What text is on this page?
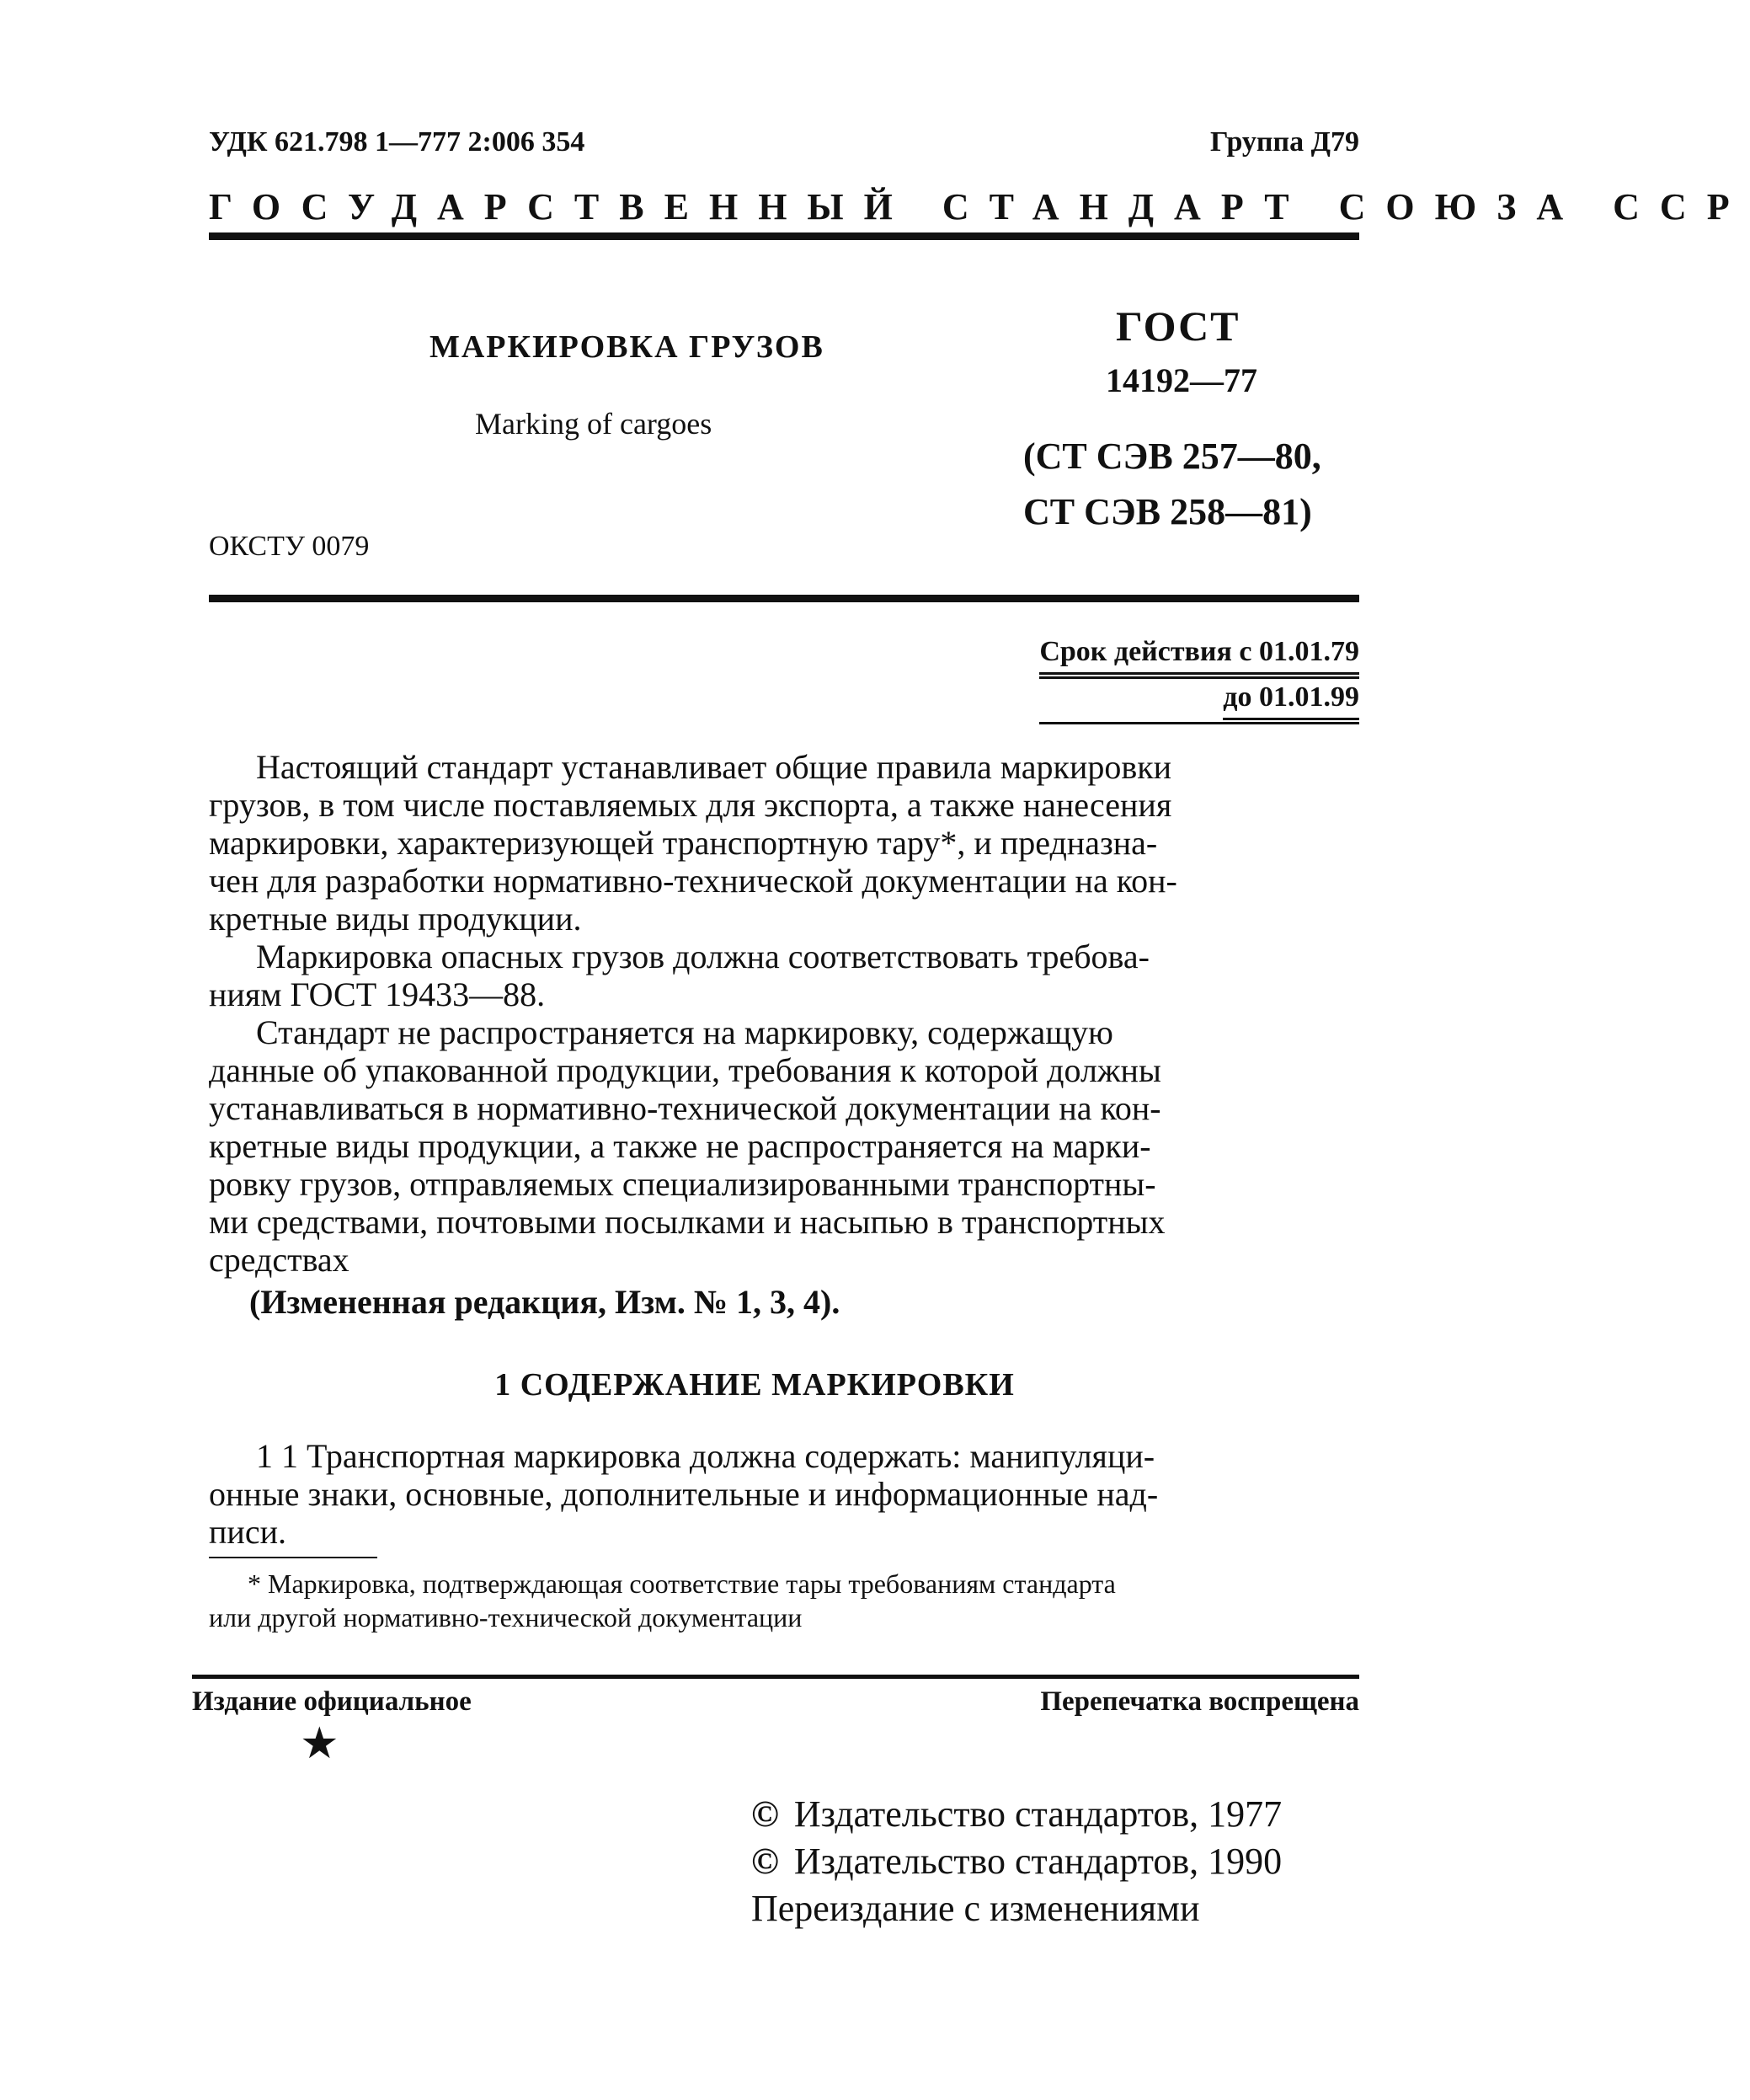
УДК 621.798 1—777 2:006 354	Группа Д79
ГОСУДАРСТВЕННЫЙ СТАНДАРТ СОЮЗА ССР
МАРКИРОВКА ГРУЗОВ
Marking of cargoes
ОКСТУ 0079
ГОСТ
14192—77
(СТ СЭВ 257—80,
СТ СЭВ 258—81)
Срок действия с 01.01.79
до 01.01.99
Настоящий стандарт устанавливает общие правила маркировки
грузов, в том числе поставляемых для экспорта, а также нанесения
маркировки, характеризующей транспортную тару*, и предназна-
чен для разработки нормативно-технической документации на кон-
кретные виды продукции.
Маркировка опасных грузов должна соответствовать требова-
ниям ГОСТ 19433—88.
Стандарт не распространяется на маркировку, содержащую
данные об упакованной продукции, требования к которой должны
устанавливаться в нормативно-технической документации на кон-
кретные виды продукции, а также не распространяется на марки-
ровку грузов, отправляемых специализированными транспортны-
ми средствами, почтовыми посылками и насыпью в транспортных
средствах
(Измененная редакция, Изм. № 1, 3, 4).
1 СОДЕРЖАНИЕ МАРКИРОВКИ
1 1 Транспортная маркировка должна содержать: манипуляци-
онные знаки, основные, дополнительные и информационные над-
писи.
* Маркировка, подтверждающая соответствие тары требованиям стандарта
или другой нормативно-технической документации
Издание официальное	Перепечатка воспрещена
★
© Издательство стандартов, 1977
© Издательство стандартов, 1990
Переиздание с изменениями
